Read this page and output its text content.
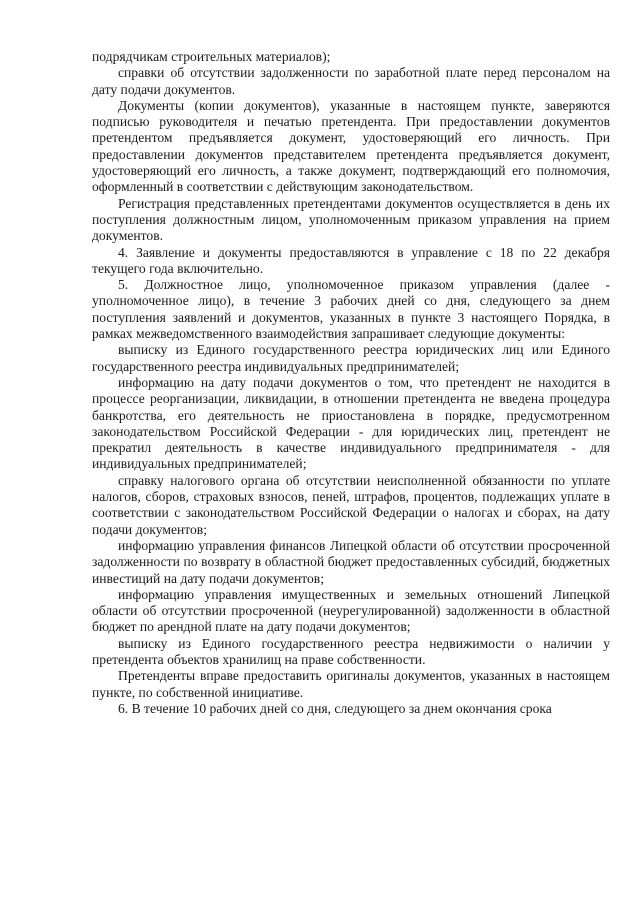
подрядчикам строительных материалов);

справки об отсутствии задолженности по заработной плате перед персоналом на дату подачи документов.

Документы (копии документов), указанные в настоящем пункте, заверяются подписью руководителя и печатью претендента. При предоставлении документов претендентом предъявляется документ, удостоверяющий его личность. При предоставлении документов представителем претендента предъявляется документ, удостоверяющий его личность, а также документ, подтверждающий его полномочия, оформленный в соответствии с действующим законодательством.

Регистрация представленных претендентами документов осуществляется в день их поступления должностным лицом, уполномоченным приказом управления на прием документов.

4. Заявление и документы предоставляются в управление с 18 по 22 декабря текущего года включительно.

5. Должностное лицо, уполномоченное приказом управления (далее - уполномоченное лицо), в течение 3 рабочих дней со дня, следующего за днем поступления заявлений и документов, указанных в пункте 3 настоящего Порядка, в рамках межведомственного взаимодействия запрашивает следующие документы:

выписку из Единого государственного реестра юридических лиц или Единого государственного реестра индивидуальных предпринимателей;

информацию на дату подачи документов о том, что претендент не находится в процессе реорганизации, ликвидации, в отношении претендента не введена процедура банкротства, его деятельность не приостановлена в порядке, предусмотренном законодательством Российской Федерации - для юридических лиц, претендент не прекратил деятельность в качестве индивидуального предпринимателя - для индивидуальных предпринимателей;

справку налогового органа об отсутствии неисполненной обязанности по уплате налогов, сборов, страховых взносов, пеней, штрафов, процентов, подлежащих уплате в соответствии с законодательством Российской Федерации о налогах и сборах, на дату подачи документов;

информацию управления финансов Липецкой области об отсутствии просроченной задолженности по возврату в областной бюджет предоставленных субсидий, бюджетных инвестиций на дату подачи документов;

информацию управления имущественных и земельных отношений Липецкой области об отсутствии просроченной (неурегулированной) задолженности в областной бюджет по арендной плате на дату подачи документов;

выписку из Единого государственного реестра недвижимости о наличии у претендента объектов хранилищ на праве собственности.

Претенденты вправе предоставить оригиналы документов, указанных в настоящем пункте, по собственной инициативе.

6. В течение 10 рабочих дней со дня, следующего за днем окончания срока
